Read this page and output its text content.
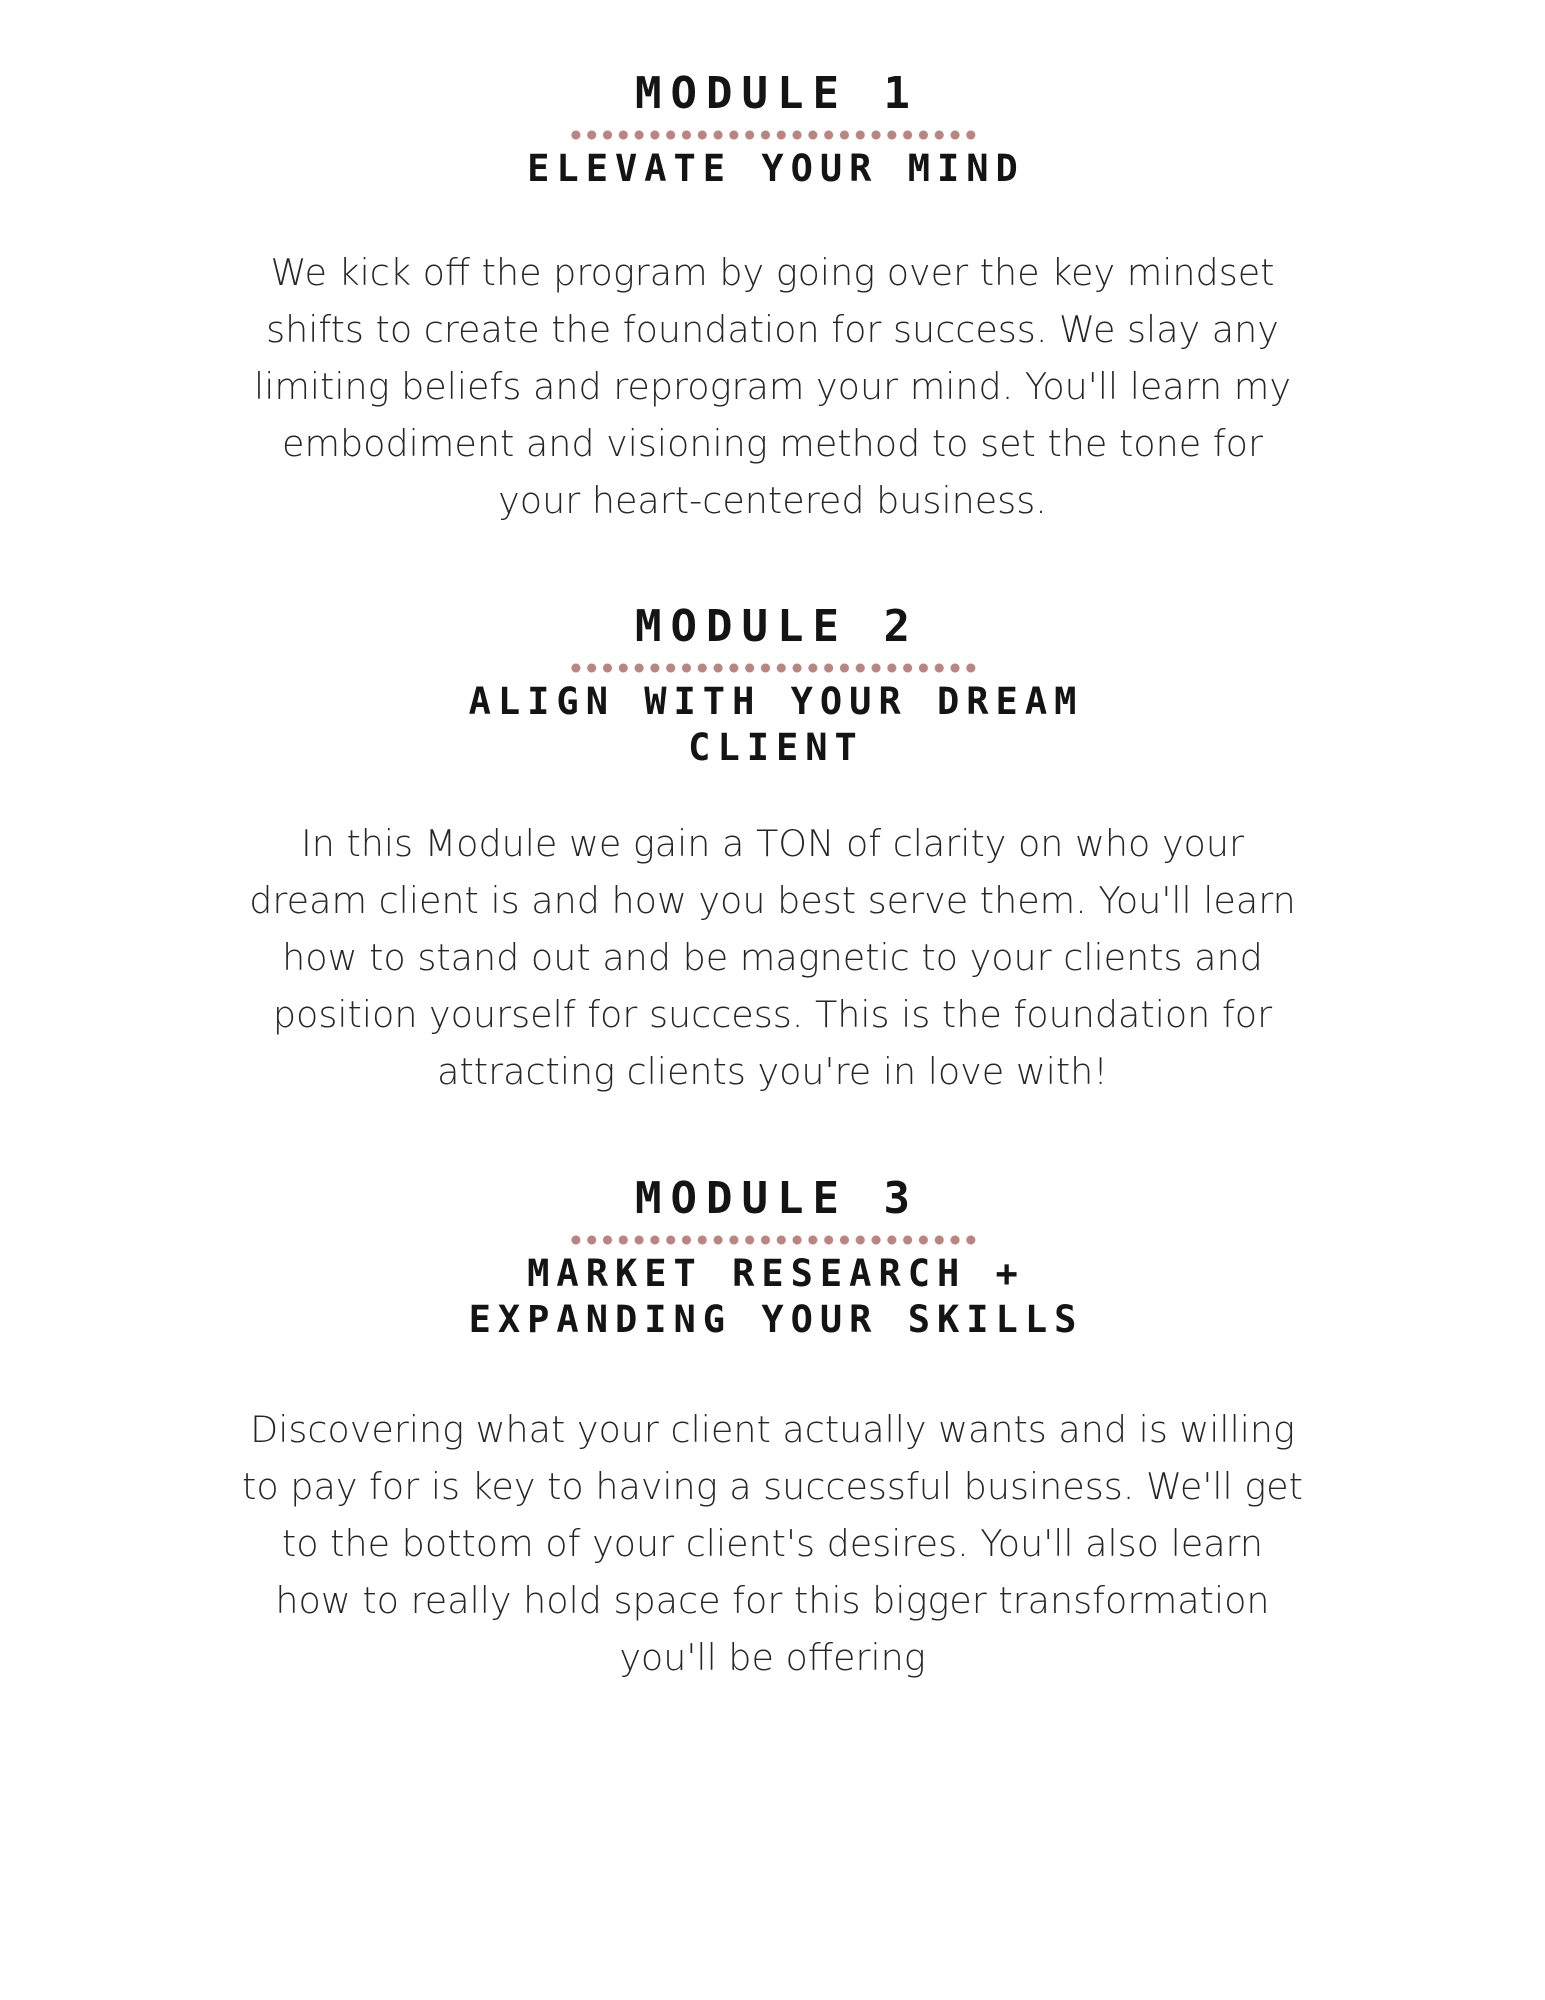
MODULE 1
ELEVATE YOUR MIND

We kick off the program by going over the key mindset
shifts to create the foundation for success. We slay any
limiting beliefs and reprogram your mind. You'll learn my
embodiment and visioning method to set the tone for
your heart-centered business.

MODULE 2
ALIGN WITH YOUR DREAM
CLIENT

In this Module we gain a TON of clarity on who your
dream client is and how you best serve them. You'll learn
how to stand out and be magnetic to your clients and
position yourself for success. This is the foundation for
attracting clients you're in love with!

MODULE 3
MARKET RESEARCH +
EXPANDING YOUR SKILLS

Discovering what your client actually wants and is willing
to pay for is key to having a successful business. We'll get
to the bottom of your client's desires. You'll also learn
how to really hold space for this bigger transformation
you'll be offering
